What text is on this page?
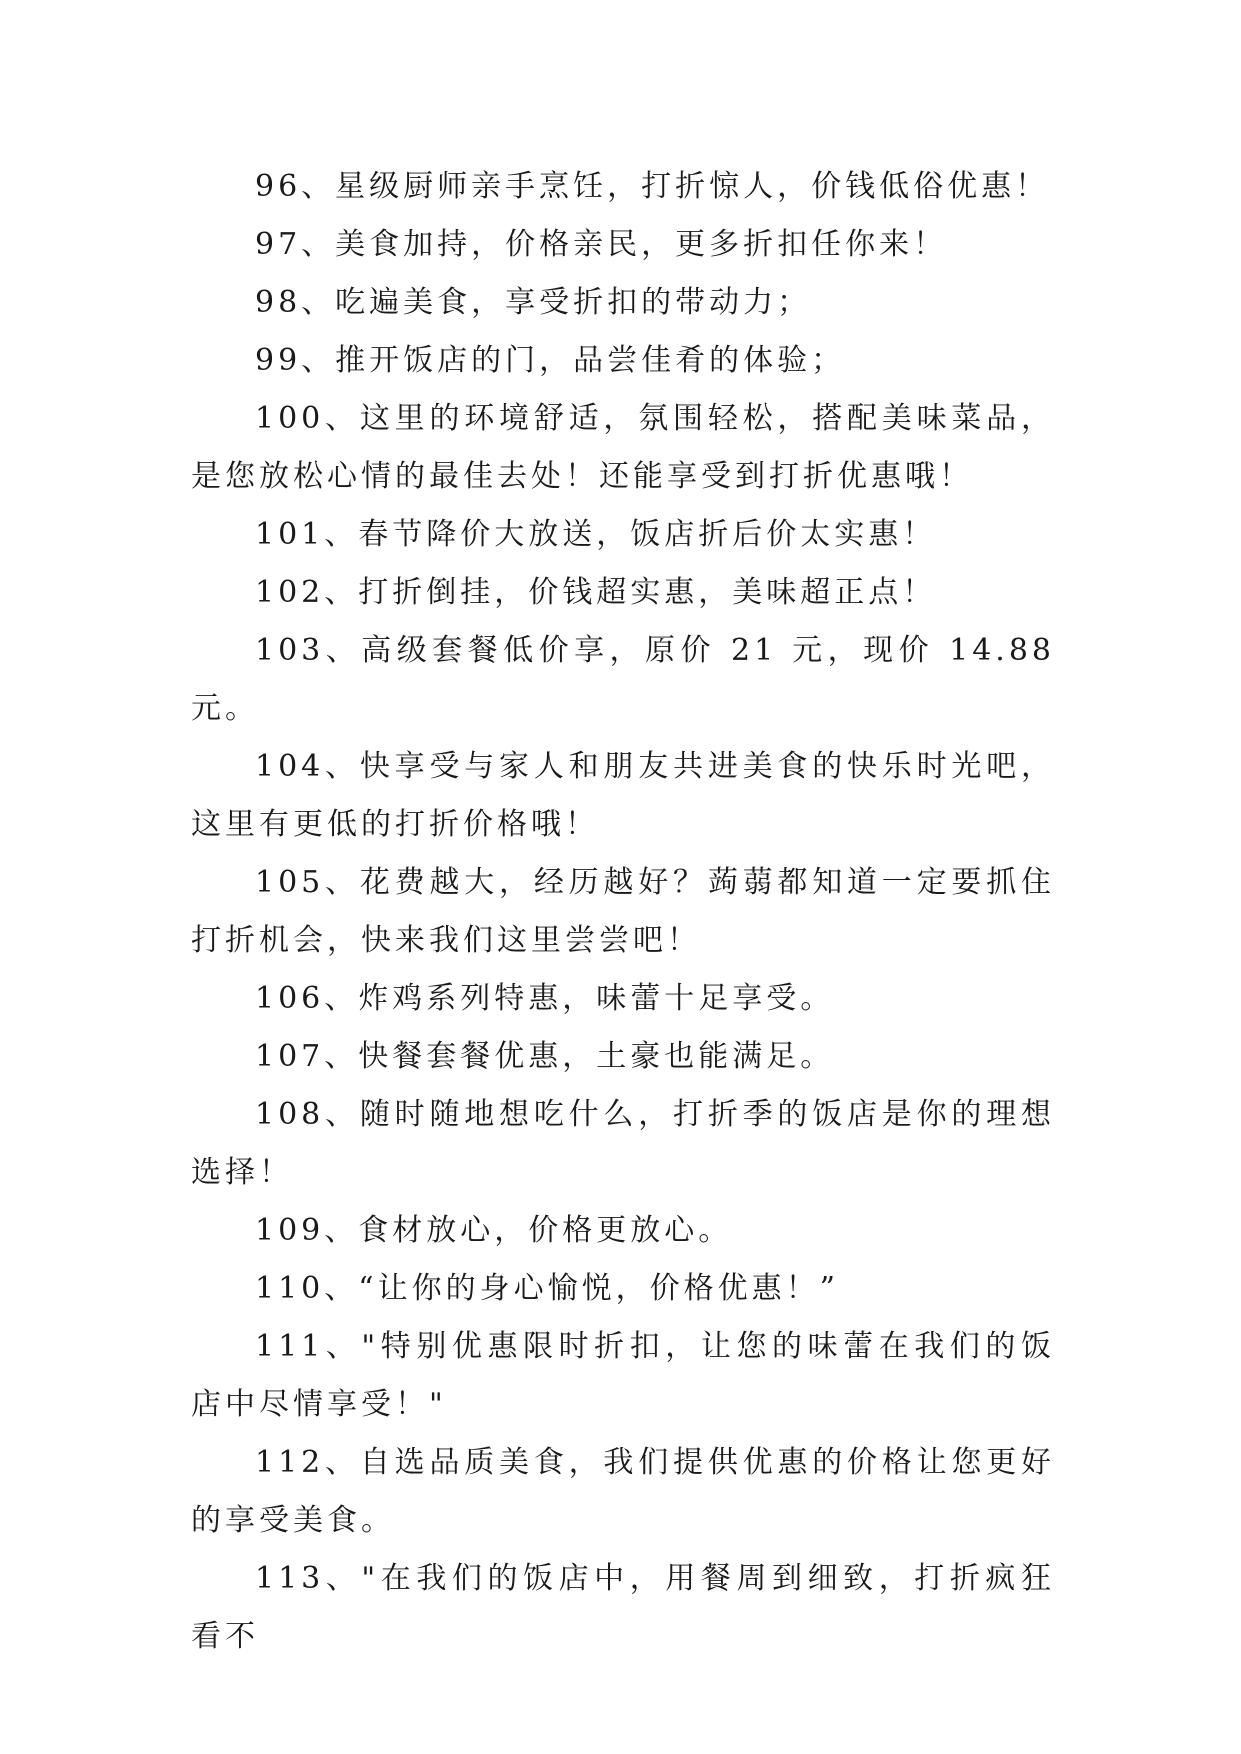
96、星级厨师亲手烹饪，打折惊人，价钱低俗优惠！

97、美食加持，价格亲民，更多折扣任你来！

98、吃遍美食，享受折扣的带动力；

99、推开饭店的门，品尝佳肴的体验；

100、这里的环境舒适，氛围轻松，搭配美味菜品，是您放松心情的最佳去处！还能享受到打折优惠哦！

101、春节降价大放送，饭店折后价太实惠！

102、打折倒挂，价钱超实惠，美味超正点！

103、高级套餐低价享，原价 21 元，现价 14.88 元。

104、快享受与家人和朋友共进美食的快乐时光吧，这里有更低的打折价格哦！

105、花费越大，经历越好？蒟蒻都知道一定要抓住打折机会，快来我们这里尝尝吧！

106、炸鸡系列特惠，味蕾十足享受。

107、快餐套餐优惠，土豪也能满足。

108、随时随地想吃什么，打折季的饭店是你的理想选择！

109、食材放心，价格更放心。

110、“让你的身心愉悦，价格优惠！”

111、"特别优惠限时折扣，让您的味蕾在我们的饭店中尽情享受！"

112、自选品质美食，我们提供优惠的价格让您更好的享受美食。

113、"在我们的饭店中，用餐周到细致，打折疯狂看不
